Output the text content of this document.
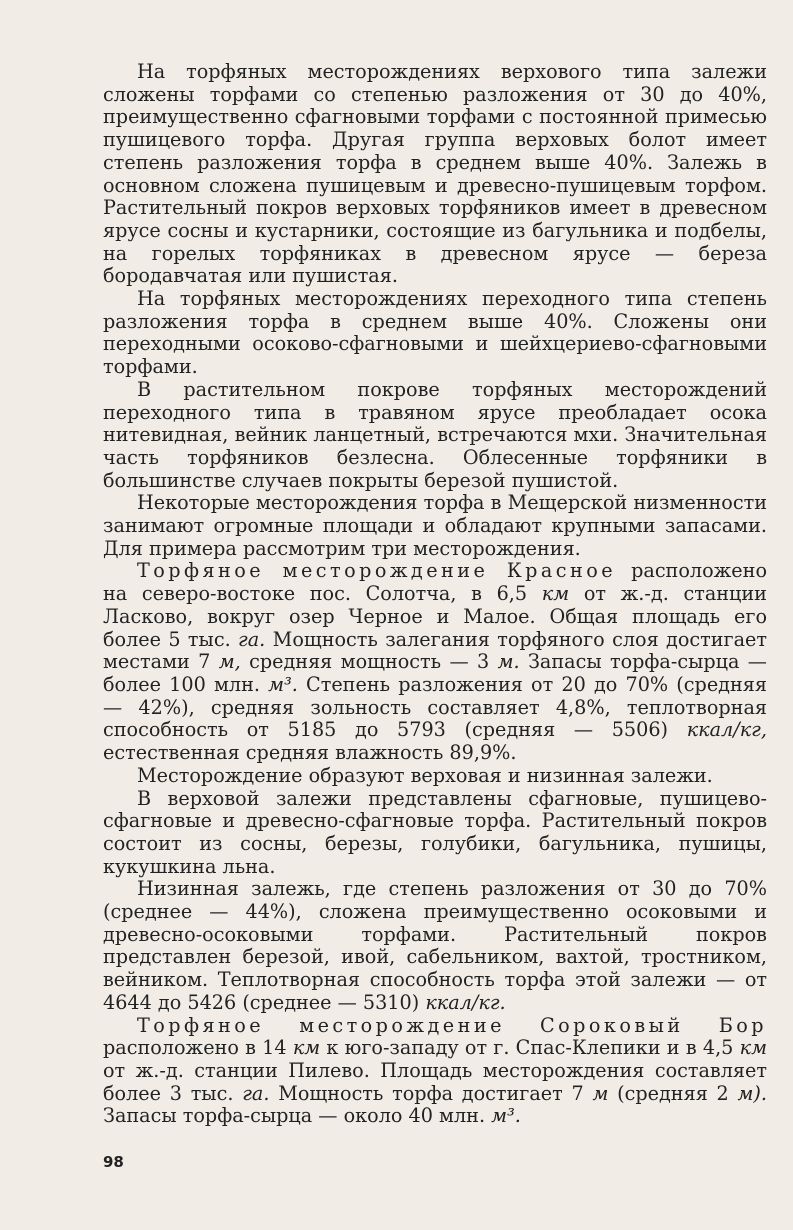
На торфяных месторождениях верхового типа залежи сложены торфами со степенью разложения от 30 до 40%, преимущественно сфагновыми торфами с постоянной примесью пушицевого торфа. Другая группа верховых болот имеет степень разложения торфа в среднем выше 40%. Залежь в основном сложена пушицевым и древесно-пушицевым торфом. Растительный покров верховых торфяников имеет в древесном ярусе сосны и кустарники, состоящие из багульника и подбелы, на горелых торфяниках в древесном ярусе — береза бородавчатая или пушистая.

На торфяных месторождениях переходного типа степень разложения торфа в среднем выше 40%. Сложены они переходными осоково-сфагновыми и шейхцериево-сфагновыми торфами.

В растительном покрове торфяных месторождений переходного типа в травяном ярусе преобладает осока нитевидная, вейник ланцетный, встречаются мхи. Значительная часть торфяников безлесна. Облесенные торфяники в большинстве случаев покрыты березой пушистой.

Некоторые месторождения торфа в Мещерской низменности занимают огромные площади и обладают крупными запасами. Для примера рассмотрим три месторождения.

Торфяное месторождение Красное расположено на северо-востоке пос. Солотча, в 6,5 км от ж.-д. станции Ласково, вокруг озер Черное и Малое. Общая площадь его более 5 тыс. га. Мощность залегания торфяного слоя достигает местами 7 м, средняя мощность — 3 м. Запасы торфа-сырца — более 100 млн. м³. Степень разложения от 20 до 70% (средняя — 42%), средняя зольность составляет 4,8%, теплотворная способность от 5185 до 5793 (средняя — 5506) ккал/кг, естественная средняя влажность 89,9%.

Месторождение образуют верховая и низинная залежи.

В верховой залежи представлены сфагновые, пушицево-сфагновые и древесно-сфагновые торфа. Растительный покров состоит из сосны, березы, голубики, багульника, пушицы, кукушкина льна.

Низинная залежь, где степень разложения от 30 до 70% (среднее — 44%), сложена преимущественно осоковыми и древесно-осоковыми торфами. Растительный покров представлен березой, ивой, сабельником, вахтой, тростником, вейником. Теплотворная способность торфа этой залежи — от 4644 до 5426 (среднее — 5310) ккал/кг.

Торфяное месторождение Сороковый Бор расположено в 14 км к юго-западу от г. Спас-Клепики и в 4,5 км от ж.-д. станции Пилево. Площадь месторождения составляет более 3 тыс. га. Мощность торфа достигает 7 м (средняя 2 м). Запасы торфа-сырца — около 40 млн. м³.

98
